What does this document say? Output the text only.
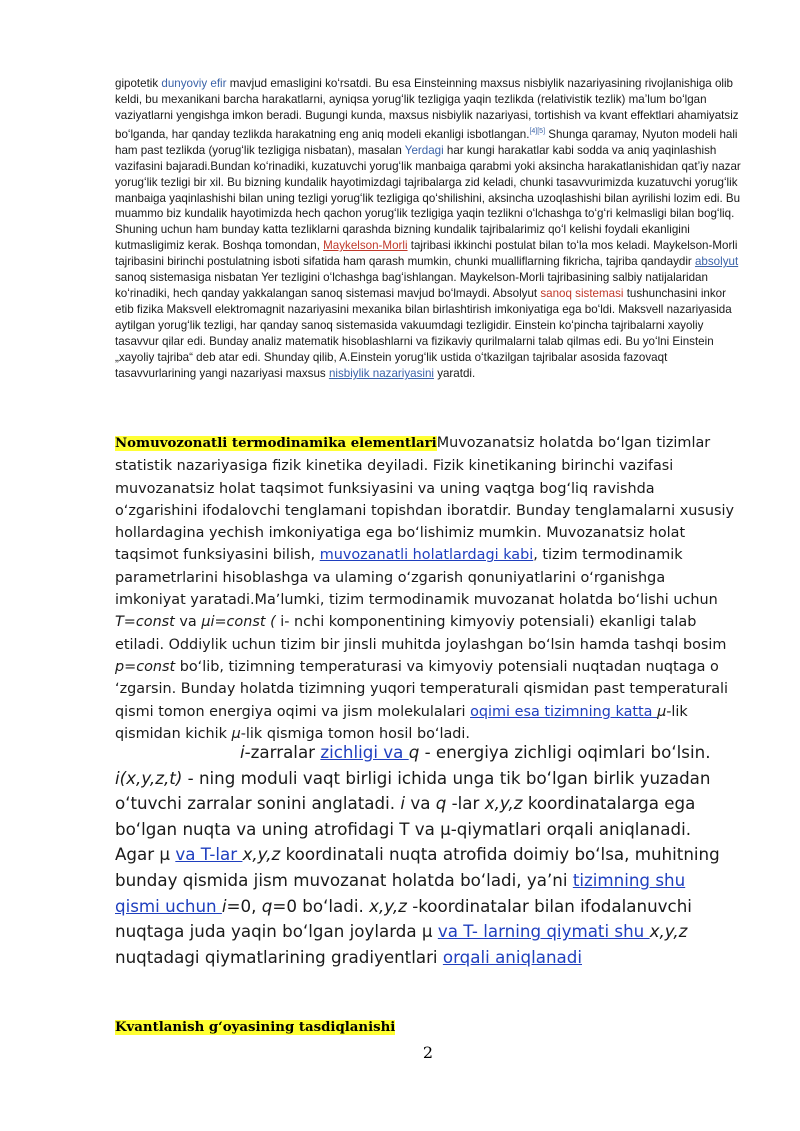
gipotetik dunyoviy efir mavjud emasligini koʻrsatdi. Bu esa Einsteinning maxsus nisbiylik nazariyasining rivojlanishiga olib keldi, bu mexanikani barcha harakatlarni, ayniqsa yorugʻlik tezligiga yaqin tezlikda (relativistik tezlik) maʼlum boʻlgan vaziyatlarni yengishga imkon beradi. Bugungi kunda, maxsus nisbiylik nazariyasi, tortishish va kvant effektlari ahamiyatsiz boʻlganda, har qanday tezlikda harakatning eng aniq modeli ekanligi isbotlangan.[4][5] Shunga qaramay, Nyuton modeli hali ham past tezlikda (yorugʻlik tezligiga nisbatan), masalan Yerdagi har kungi harakatlar kabi sodda va aniq yaqinlashish vazifasini bajaradi.Bundan koʻrinadiki, kuzatuvchi yorugʻlik manbaiga qarabmi yoki aksincha harakatlanishidan qatʼiy nazar yorugʻlik tezligi bir xil. Bu bizning kundalik hayotimizdagi tajribalarga zid keladi, chunki tasavvurimizda kuzatuvchi yorugʻlik manbaiga yaqinlashishi bilan uning tezligi yorugʻlik tezligiga qoʻshilishini, aksincha uzoqlashishi bilan ayrilishi lozim edi. Bu muammo biz kundalik hayotimizda hech qachon yorugʻlik tezligiga yaqin tezlikni oʻlchashga toʻgʻri kelmasligi bilan bogʻliq. Shuning uchun ham bunday katta tezliklarni qarashda bizning kundalik tajribalarimiz qoʻl kelishi foydali ekanligini kutmasligimiz kerak. Boshqa tomondan, Maykelson-Morli tajribasi ikkinchi postulat bilan toʻla mos keladi. Maykelson-Morli tajribasini birinchi postulatning isboti sifatida ham qarash mumkin, chunki mualliflarning fikricha, tajriba qandaydir absolyut sanoq sistemasiga nisbatan Yer tezligini oʻlchashga bagʻishlangan. Maykelson-Morli tajribasining salbiy natijalaridan koʻrinadiki, hech qanday yakkalangan sanoq sistemasi mavjud boʻlmaydi. Absolyut sanoq sistemasi tushunchasini inkor etib fizika Maksvell elektromagnit nazariyasini mexanika bilan birlashtirish imkoniyatiga ega boʻldi. Maksvell nazariyasida aytilgan yorugʻlik tezligi, har qanday sanoq sistemasida vakuumdagi tezligidir. Einstein koʻpincha tajribalarni xayoliy tasavvur qilar edi. Bunday analiz matematik hisoblashlarni va fizikaviy qurilmalarni talab qilmas edi. Bu yoʻlni Einstein „xayoliy tajriba“ deb atar edi. Shunday qilib, A.Einstein yorugʻlik ustida oʻtkazilgan tajribalar asosida fazovaqt tasavvurlarining yangi nazariyasi maxsus nisbiylik nazariyasini yaratdi.

Nomuvozonatli termodinamika elementlariMuvozanatsiz holatda boʻlgan tizimlar statistik nazariyasiga fizik kinetika deyiladi. Fizik kinetikaning birinchi vazifasi muvozanatsiz holat taqsimot funksiyasini va uning vaqtga bogʻliq ravishda oʻzgarishini ifodalovchi tenglamani topishdan iboratdir. Bunday tenglamalarni xususiy hollardagina yechish imkoniyatiga ega boʻlishimiz mumkin. Muvozanatsiz holat taqsimot funksiyasini bilish, muvozanatli holatlardagi kabi, tizim termodinamik parametrlarini hisoblashga va ulaming oʻzgarish qonuniyatlarini oʻrganishga imkoniyat yaratadi.Maʼlumki, tizim termodinamik muvozanat holatda boʻlishi uchun T=const va µi=const ( i- nchi komponentining kimyoviy potensiali) ekanligi talab etiladi. Oddiylik uchun tizim bir jinsli muhitda joylashgan boʻlsin hamda tashqi bosim p=const boʻlib, tizimning temperaturasi va kimyoviy potensiali nuqtadan nuqtaga o ʻzgarsin. Bunday holatda tizimning yuqori temperaturali qismidan past temperaturali qismi tomon energiya oqimi va jism molekulalari oqimi esa tizimning katta µ-lik qismidan kichik µ-lik qismiga tomon hosil boʻladi.
i-zarralar zichligi va q - energiya zichligi oqimlari boʻlsin. i(x,y,z,t) - ning moduli vaqt birligi ichida unga tik boʻlgan birlik yuzadan oʻtuvchi zarralar sonini anglatadi. i va q -lar x,y,z koordinatalarga ega boʻlgan nuqta va uning atrofidagi T va µ-qiymatlari orqali aniqlanadi. Agar µ va T-lar x,y,z koordinatali nuqta atrofida doimiy boʻlsa, muhitning bunday qismida jism muvozanat holatda boʻladi, yaʼni tizimning shu qismi uchun i=0, q=0 boʻladi. x,y,z -koordinatalar bilan ifodalanuvchi nuqtaga juda yaqin boʻlgan joylarda µ va T- larning qiymati shu x,y,z nuqtadagi qiymatlarining gradiyentlari orqali aniqlanadi
Kvantlanish gʻoyasining tasdiqlanishi
2
